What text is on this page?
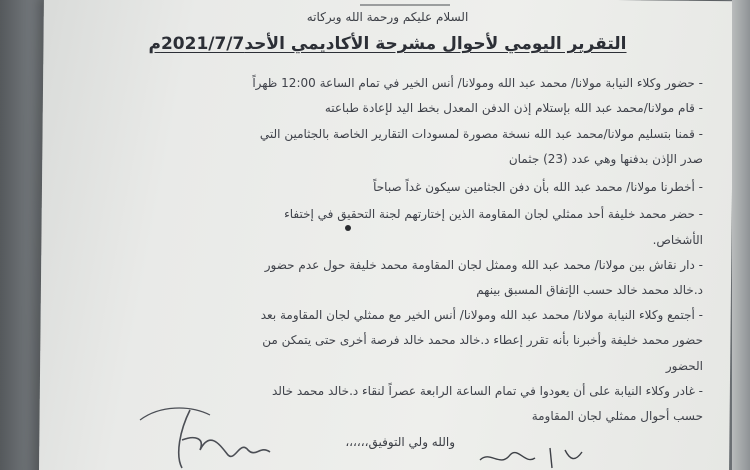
السلام عليكم ورحمة الله وبركاته
التقرير اليومي لأحوال مشرحة الأكاديمي الأحد2021/7/7م
- حضور وكلاء النيابة مولانا/ محمد عبد الله ومولانا/ أنس الخير في تمام الساعة 12:00 ظهراً
- قام مولانا/محمد عبد الله بإستلام إذن الدفن المعدل بخط اليد لإعادة طباعته
- قمنا بتسليم مولانا/محمد عبد الله نسخة مصورة لمسودات التقارير الخاصة بالجثامين التي
صدر الإذن بدفنها وهي عدد (23) جثمان
- أخطرنا مولانا/ محمد عبد الله بأن دفن الجثامين سيكون غداً صباحاً
- حضر محمد خليفة أحد ممثلي لجان المقاومة الذين إختارتهم لجنة التحقيق في إختفاء
الأشخاص.
- دار نقاش بين مولانا/ محمد عبد الله وممثل لجان المقاومة محمد خليفة حول عدم حضور
د.خالد محمد خالد حسب الإتفاق المسبق بينهم
- أجتمع وكلاء النيابة مولانا/ محمد عبد الله ومولانا/ أنس الخير مع ممثلي لجان المقاومة بعد
حضور محمد خليفة وأخبرنا بأنه تقرر إعطاء د.خالد محمد خالد فرصة أخرى حتى يتمكن من
الحضور
- غادر وكلاء النيابة على أن يعودوا في تمام الساعة الرابعة عصراً لنقاء د.خالد محمد خالد
حسب أحوال ممثلي لجان المقاومة
والله ولي التوفيق،،،،،،
